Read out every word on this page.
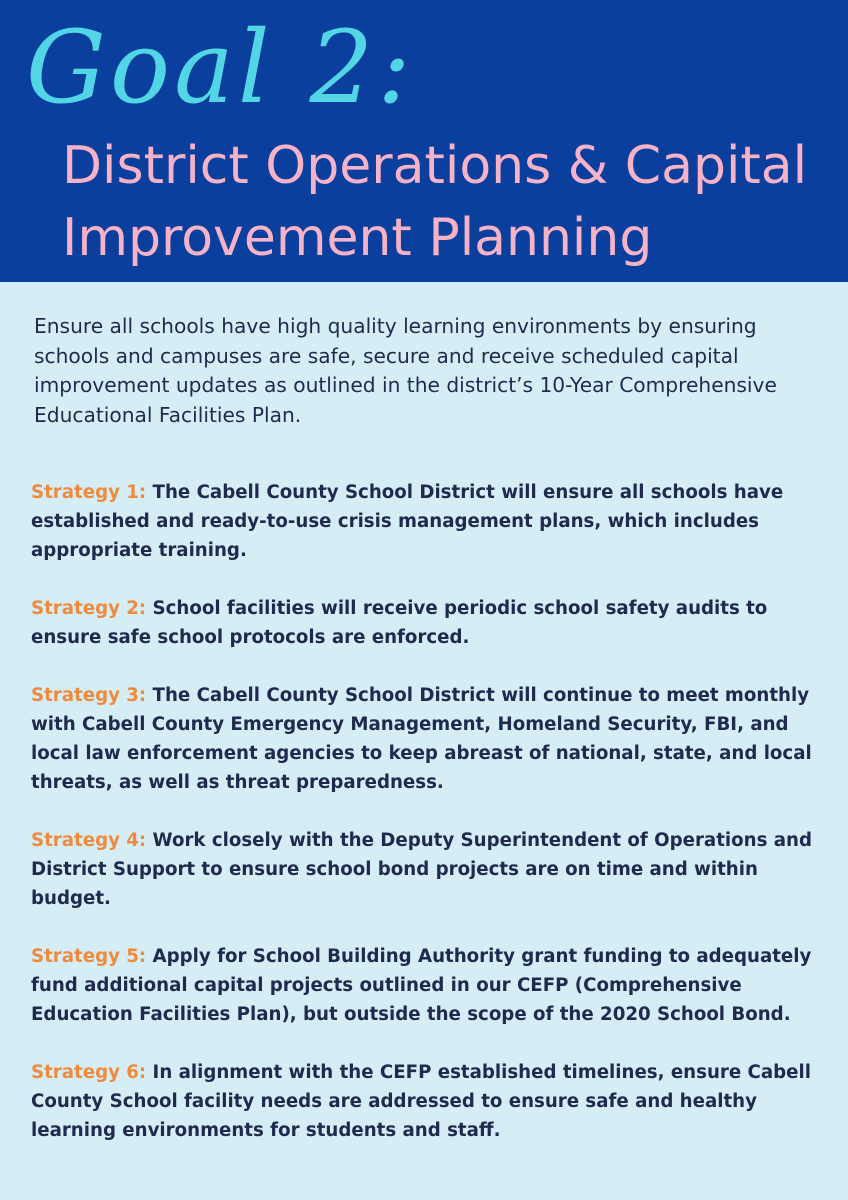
Goal 2:
District Operations & Capital
Improvement Planning

Ensure all schools have high quality learning environments by ensuring schools and campuses are safe, secure and receive scheduled capital improvement updates as outlined in the district’s 10-Year Comprehensive Educational Facilities Plan.

Strategy 1: The Cabell County School District will ensure all schools have established and ready-to-use crisis management plans, which includes appropriate training.

Strategy 2: School facilities will receive periodic school safety audits to ensure safe school protocols are enforced.

Strategy 3: The Cabell County School District will continue to meet monthly with Cabell County Emergency Management, Homeland Security, FBI, and local law enforcement agencies to keep abreast of national, state, and local threats, as well as threat preparedness.

Strategy 4: Work closely with the Deputy Superintendent of Operations and District Support to ensure school bond projects are on time and within budget.

Strategy 5: Apply for School Building Authority grant funding to adequately fund additional capital projects outlined in our CEFP (Comprehensive Education Facilities Plan), but outside the scope of the 2020 School Bond.

Strategy 6: In alignment with the CEFP established timelines, ensure Cabell County School facility needs are addressed to ensure safe and healthy learning environments for students and staff.
